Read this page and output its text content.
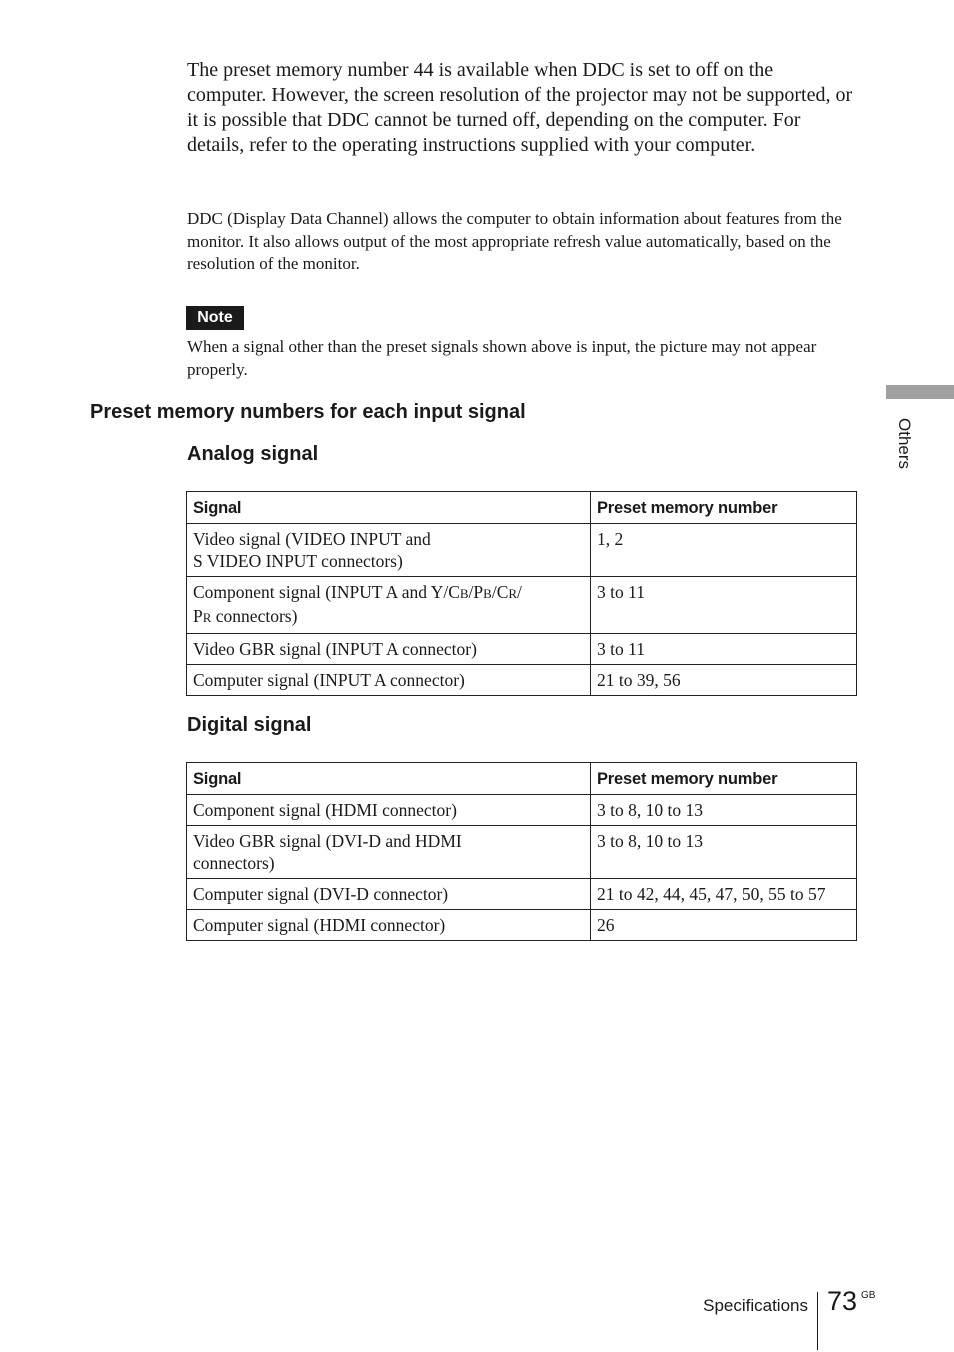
The preset memory number 44 is available when DDC is set to off on the computer. However, the screen resolution of the projector may not be supported, or it is possible that DDC cannot be turned off, depending on the computer. For details, refer to the operating instructions supplied with your computer.
DDC (Display Data Channel) allows the computer to obtain information about features from the monitor. It also allows output of the most appropriate refresh value automatically, based on the resolution of the monitor.
Note
When a signal other than the preset signals shown above is input, the picture may not appear properly.
Preset memory numbers for each input signal
Analog signal
Signal	Preset memory number
Video signal (VIDEO INPUT and
S VIDEO INPUT connectors)	1, 2
Component signal (INPUT A and Y/CB/PB/CR/
PR connectors)	3 to 11
Video GBR signal (INPUT A connector)	3 to 11
Computer signal (INPUT A connector)	21 to 39, 56
Digital signal
Signal	Preset memory number
Component signal (HDMI connector)	3 to 8, 10 to 13
Video GBR signal (DVI-D and HDMI
connectors)	3 to 8, 10 to 13
Computer signal (DVI-D connector)	21 to 42, 44, 45, 47, 50, 55 to 57
Computer signal (HDMI connector)	26
Others
Specifications 73 GB
